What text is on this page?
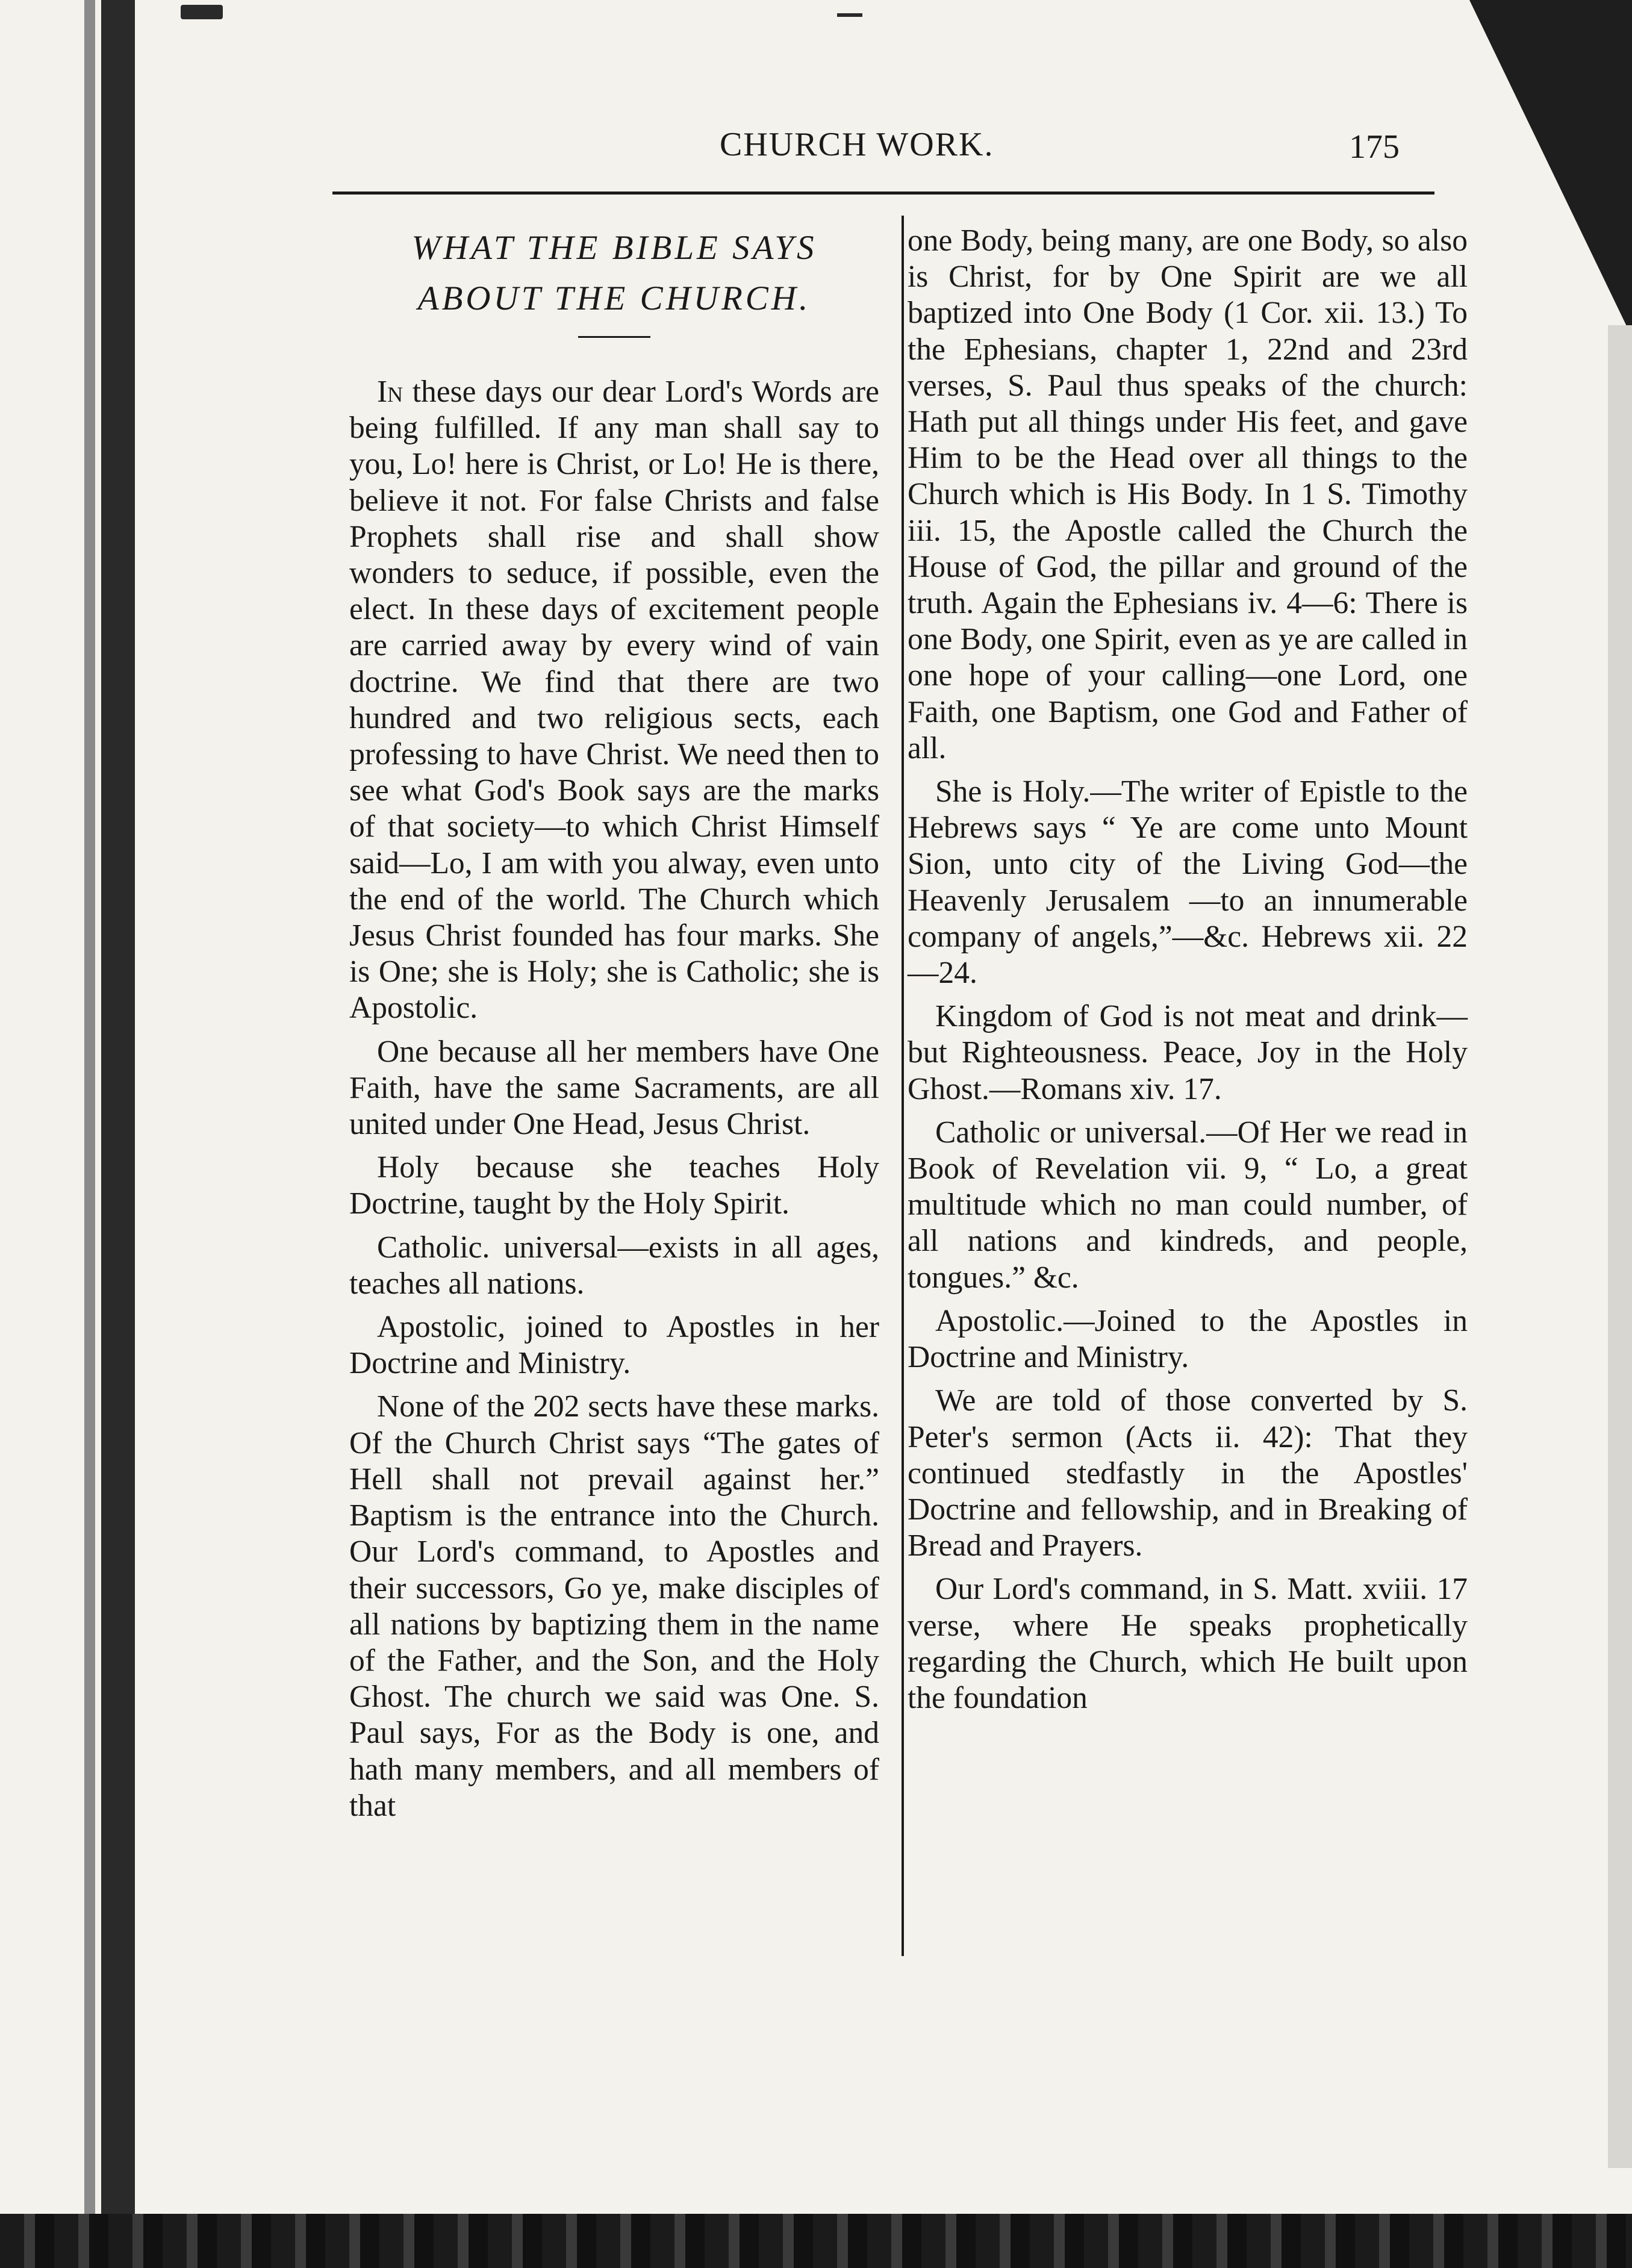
CHURCH WORK.	175
WHAT THE BIBLE SAYS
ABOUT THE CHURCH.

In these days our dear Lord's Words are being fulfilled. If any man shall say to you, Lo! here is Christ, or Lo! He is there, believe it not. For false Christs and false Prophets shall rise and shall show wonders to seduce, if possible, even the elect. In these days of excitement people are carried away by every wind of vain doctrine. We find that there are two hundred and two religious sects, each professing to have Christ. We need then to see what God's Book says are the marks of that society—to which Christ Himself said—Lo, I am with you alway, even unto the end of the world. The Church which Jesus Christ founded has four marks. She is One; she is Holy; she is Catholic; she is Apostolic.

One because all her members have One Faith, have the same Sacraments, are all united under One Head, Jesus Christ.

Holy because she teaches Holy Doctrine, taught by the Holy Spirit.

Catholic. universal—exists in all ages, teaches all nations.

Apostolic, joined to Apostles in her Doctrine and Ministry.

None of the 202 sects have these marks. Of the Church Christ says “The gates of Hell shall not prevail against her.” Baptism is the entrance into the Church. Our Lord's command, to Apostles and their successors, Go ye, make disciples of all nations by baptizing them in the name of the Father, and the Son, and the Holy Ghost. The church we said was One. S. Paul says, For as the Body is one, and hath many members, and all members of that

one Body, being many, are one Body, so also is Christ, for by One Spirit are we all baptized into One Body (1 Cor. xii. 13.) To the Ephesians, chapter 1, 22nd and 23rd verses, S. Paul thus speaks of the church: Hath put all things under His feet, and gave Him to be the Head over all things to the Church which is His Body. In 1 S. Timothy iii. 15, the Apostle called the Church the House of God, the pillar and ground of the truth. Again the Ephesians iv. 4—6: There is one Body, one Spirit, even as ye are called in one hope of your calling—one Lord, one Faith, one Baptism, one God and Father of all.

She is Holy.—The writer of Epistle to the Hebrews says “ Ye are come unto Mount Sion, unto city of the Living God—the Heavenly Jerusalem —to an innumerable company of angels,”—&c. Hebrews xii. 22—24.

Kingdom of God is not meat and drink—but Righteousness. Peace, Joy in the Holy Ghost.—Romans xiv. 17.

Catholic or universal.—Of Her we read in Book of Revelation vii. 9, “ Lo, a great multitude which no man could number, of all nations and kindreds, and people, tongues.” &c.

Apostolic.—Joined to the Apostles in Doctrine and Ministry.

We are told of those converted by S. Peter's sermon (Acts ii. 42): That they continued stedfastly in the Apostles' Doctrine and fellowship, and in Breaking of Bread and Prayers.

Our Lord's command, in S. Matt. xviii. 17 verse, where He speaks prophetically regarding the Church, which He built upon the foundation
